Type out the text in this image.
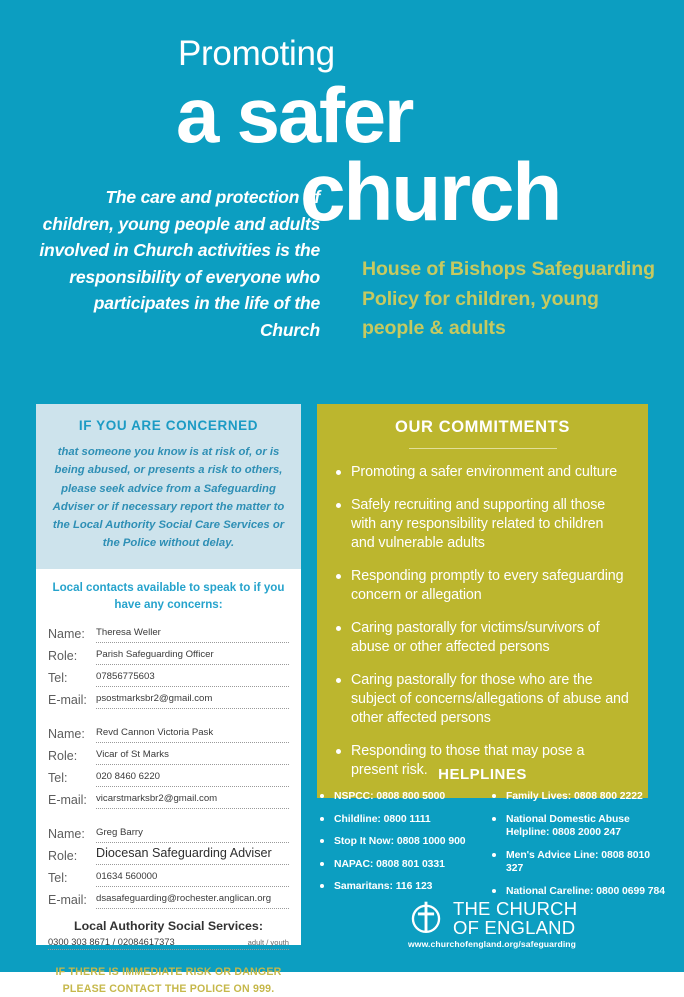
Promoting
a safer
church
The care and protection of children, young people and adults involved in Church activities is the responsibility of everyone who participates in the life of the Church
House of Bishops Safeguarding Policy for children, young people & adults
IF YOU ARE CONCERNED
that someone you know is at risk of, or is being abused, or presents a risk to others, please seek advice from a Safeguarding Adviser or if necessary report the matter to the Local Authority Social Care Services or the Police without delay.
Local contacts available to speak to if you have any concerns:
Name:	Theresa Weller
Role:	Parish Safeguarding Officer
Tel:	07856775603
E-mail: psostmarksbr2@gmail.com
Name:	Revd Cannon Victoria Pask
Role:	Vicar of St Marks
Tel:	020 8460 6220
E-mail: vicarstmarksbr2@gmail.com
Name:	Greg Barry
Role:	Diocesan Safeguarding Adviser
Tel:	01634 560000
E-mail: dsasafeguarding@rochester.anglican.org
Local Authority Social Services:
0300 303 8671 / 02084617373	adult / youth
IF THERE IS IMMEDIATE RISK OR DANGER
PLEASE CONTACT THE POLICE ON 999.
OUR COMMITMENTS
Promoting a safer environment and culture
Safely recruiting and supporting all those with any responsibility related to children and vulnerable adults
Responding promptly to every safeguarding concern or allegation
Caring pastorally for victims/survivors of abuse or other affected persons
Caring pastorally for those who are the subject of concerns/allegations of abuse and other affected persons
Responding to those that may pose a present risk. HELPLINES
NSPCC: 0808 800 5000
Childline: 0800 1111
Stop It Now: 0808 1000 900
NAPAC: 0808 801 0331
Samaritans: 116 123
Family Lives: 0808 800 2222
National Domestic Abuse Helpline: 0808 2000 247
Men's Advice Line: 0808 8010 327
National Careline: 0800 0699 784
THE CHURCH
OF ENGLAND
www.churchofengland.org/safeguarding
